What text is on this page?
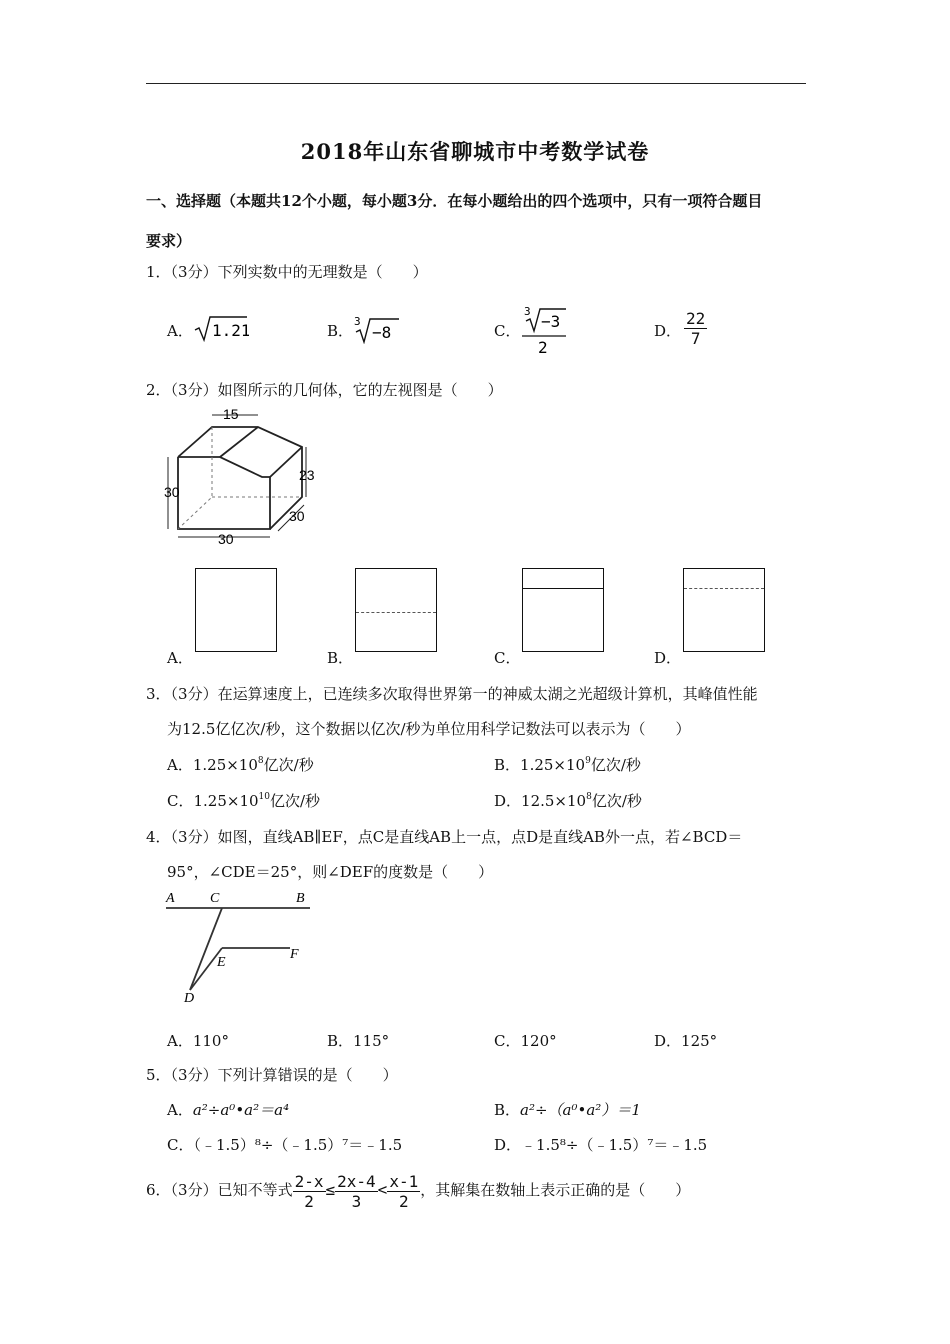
2018年山东省聊城市中考数学试卷
一、选择题（本题共12个小题，每小题3分．在每小题给出的四个选项中，只有一项符合题目
要求）
1．（3分）下列实数中的无理数是（　　）
A． 1.21	B．
3
−8	C．
3
−3
2
D． $\frac{22}{7}$
2．（3分）如图所示的几何体，它的左视图是（　　）
15
23
30
30
30
A．	B．	C．	D．
3．（3分）在运算速度上，已连续多次取得世界第一的神威太湖之光超级计算机，其峰值性能
为12.5亿亿次/秒，这个数据以亿次/秒为单位用科学记数法可以表示为（　　）
A．$1.25\times 10^8$亿次/秒	B．$1.25\times 10^9$亿次/秒
C．$1.25\times 10^{10}$亿次/秒	D．$12.5\times 10^8$亿次/秒
4．（3分）如图，直线AB∥EF，点C是直线AB上一点，点D是直线AB外一点，若∠BCD＝
95°，∠CDE＝25°，则∠DEF的度数是（　　）
A	C	B
E
F
D
A．110°	B．115°	C．120°	D．125°
5．（3分）下列计算错误的是（　　）
A．a²÷a⁰•a²＝a⁴	B．a²÷（a⁰•a²）＝1
C．（﹣1.5）⁸÷（﹣1.5）⁷＝﹣1.5	D．﹣1.5⁸÷（﹣1.5）⁷＝﹣1.5
6．（3分）已知不等式 $\frac{2-x}{2} \le \frac{2x-4}{3} < \frac{x-1}{2}$ ，其解集在数轴上表示正确的是（　　）
